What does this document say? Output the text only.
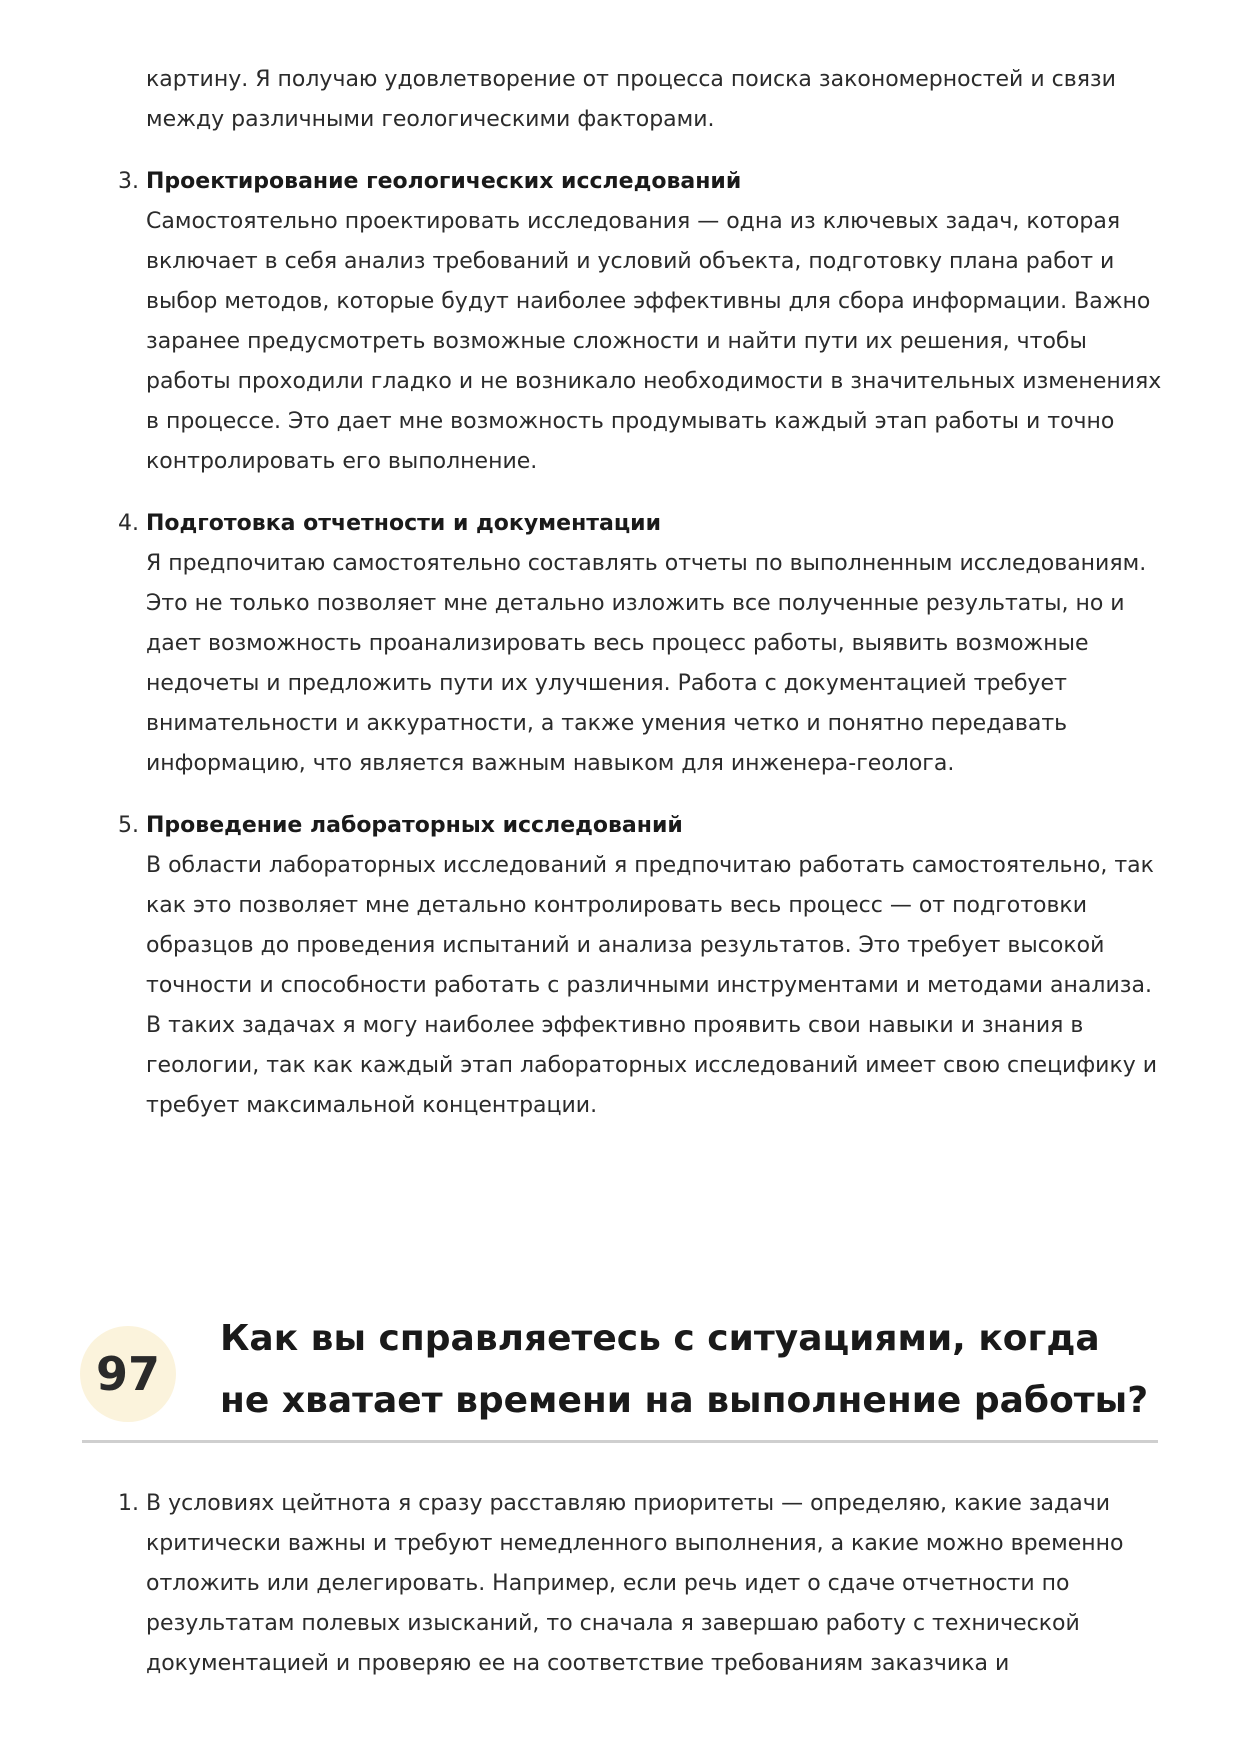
картину. Я получаю удовлетворение от процесса поиска закономерностей и связи между различными геологическими факторами.

3. Проектирование геологических исследований
Самостоятельно проектировать исследования — одна из ключевых задач, которая включает в себя анализ требований и условий объекта, подготовку плана работ и выбор методов, которые будут наиболее эффективны для сбора информации. Важно заранее предусмотреть возможные сложности и найти пути их решения, чтобы работы проходили гладко и не возникало необходимости в значительных изменениях в процессе. Это дает мне возможность продумывать каждый этап работы и точно контролировать его выполнение.
4. Подготовка отчетности и документации
Я предпочитаю самостоятельно составлять отчеты по выполненным исследованиям. Это не только позволяет мне детально изложить все полученные результаты, но и дает возможность проанализировать весь процесс работы, выявить возможные недочеты и предложить пути их улучшения. Работа с документацией требует внимательности и аккуратности, а также умения четко и понятно передавать информацию, что является важным навыком для инженера-геолога.
5. Проведение лабораторных исследований
В области лабораторных исследований я предпочитаю работать самостоятельно, так как это позволяет мне детально контролировать весь процесс — от подготовки образцов до проведения испытаний и анализа результатов. Это требует высокой точности и способности работать с различными инструментами и методами анализа. В таких задачах я могу наиболее эффективно проявить свои навыки и знания в геологии, так как каждый этап лабораторных исследований имеет свою специфику и требует максимальной концентрации.
97
Как вы справляетесь с ситуациями, когда не хватает времени на выполнение работы?
1. В условиях цейтнота я сразу расставляю приоритеты — определяю, какие задачи критически важны и требуют немедленного выполнения, а какие можно временно отложить или делегировать. Например, если речь идет о сдаче отчетности по результатам полевых изысканий, то сначала я завершаю работу с технической документацией и проверяю ее на соответствие требованиям заказчика и
